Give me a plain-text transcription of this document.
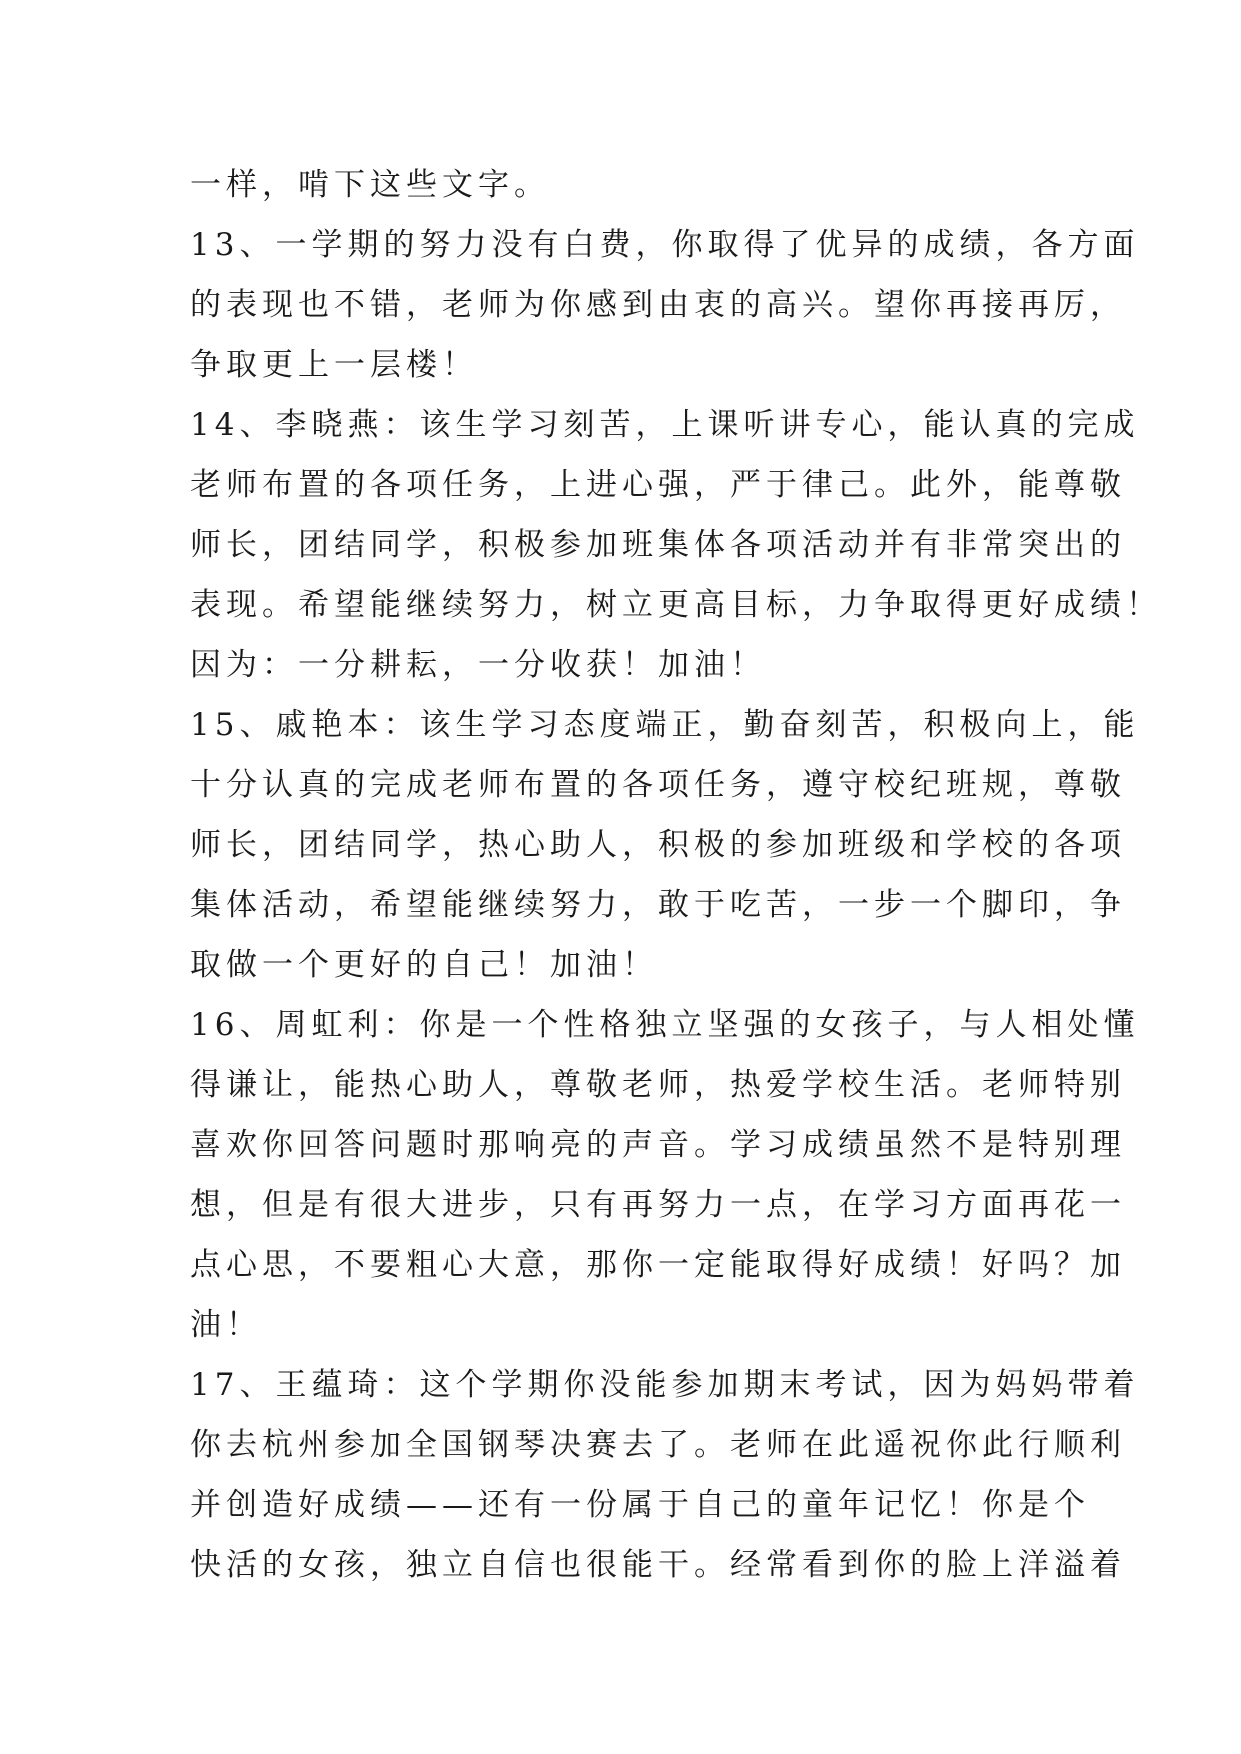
一样，啃下这些文字。
13、一学期的努力没有白费，你取得了优异的成绩，各方面
的表现也不错，老师为你感到由衷的高兴。望你再接再厉，
争取更上一层楼！
14、李晓燕：该生学习刻苦，上课听讲专心，能认真的完成
老师布置的各项任务，上进心强，严于律己。此外，能尊敬
师长，团结同学，积极参加班集体各项活动并有非常突出的
表现。希望能继续努力，树立更高目标，力争取得更好成绩！
因为：一分耕耘，一分收获！加油！
15、戚艳本：该生学习态度端正，勤奋刻苦，积极向上，能
十分认真的完成老师布置的各项任务，遵守校纪班规，尊敬
师长，团结同学，热心助人，积极的参加班级和学校的各项
集体活动，希望能继续努力，敢于吃苦，一步一个脚印，争
取做一个更好的自己！加油！
16、周虹利：你是一个性格独立坚强的女孩子，与人相处懂
得谦让，能热心助人，尊敬老师，热爱学校生活。老师特别
喜欢你回答问题时那响亮的声音。学习成绩虽然不是特别理
想，但是有很大进步，只有再努力一点，在学习方面再花一
点心思，不要粗心大意，那你一定能取得好成绩！好吗？加
油！
17、王蕴琦：这个学期你没能参加期末考试，因为妈妈带着
你去杭州参加全国钢琴决赛去了。老师在此遥祝你此行顺利
并创造好成绩——还有一份属于自己的童年记忆！你是个
快活的女孩，独立自信也很能干。经常看到你的脸上洋溢着
